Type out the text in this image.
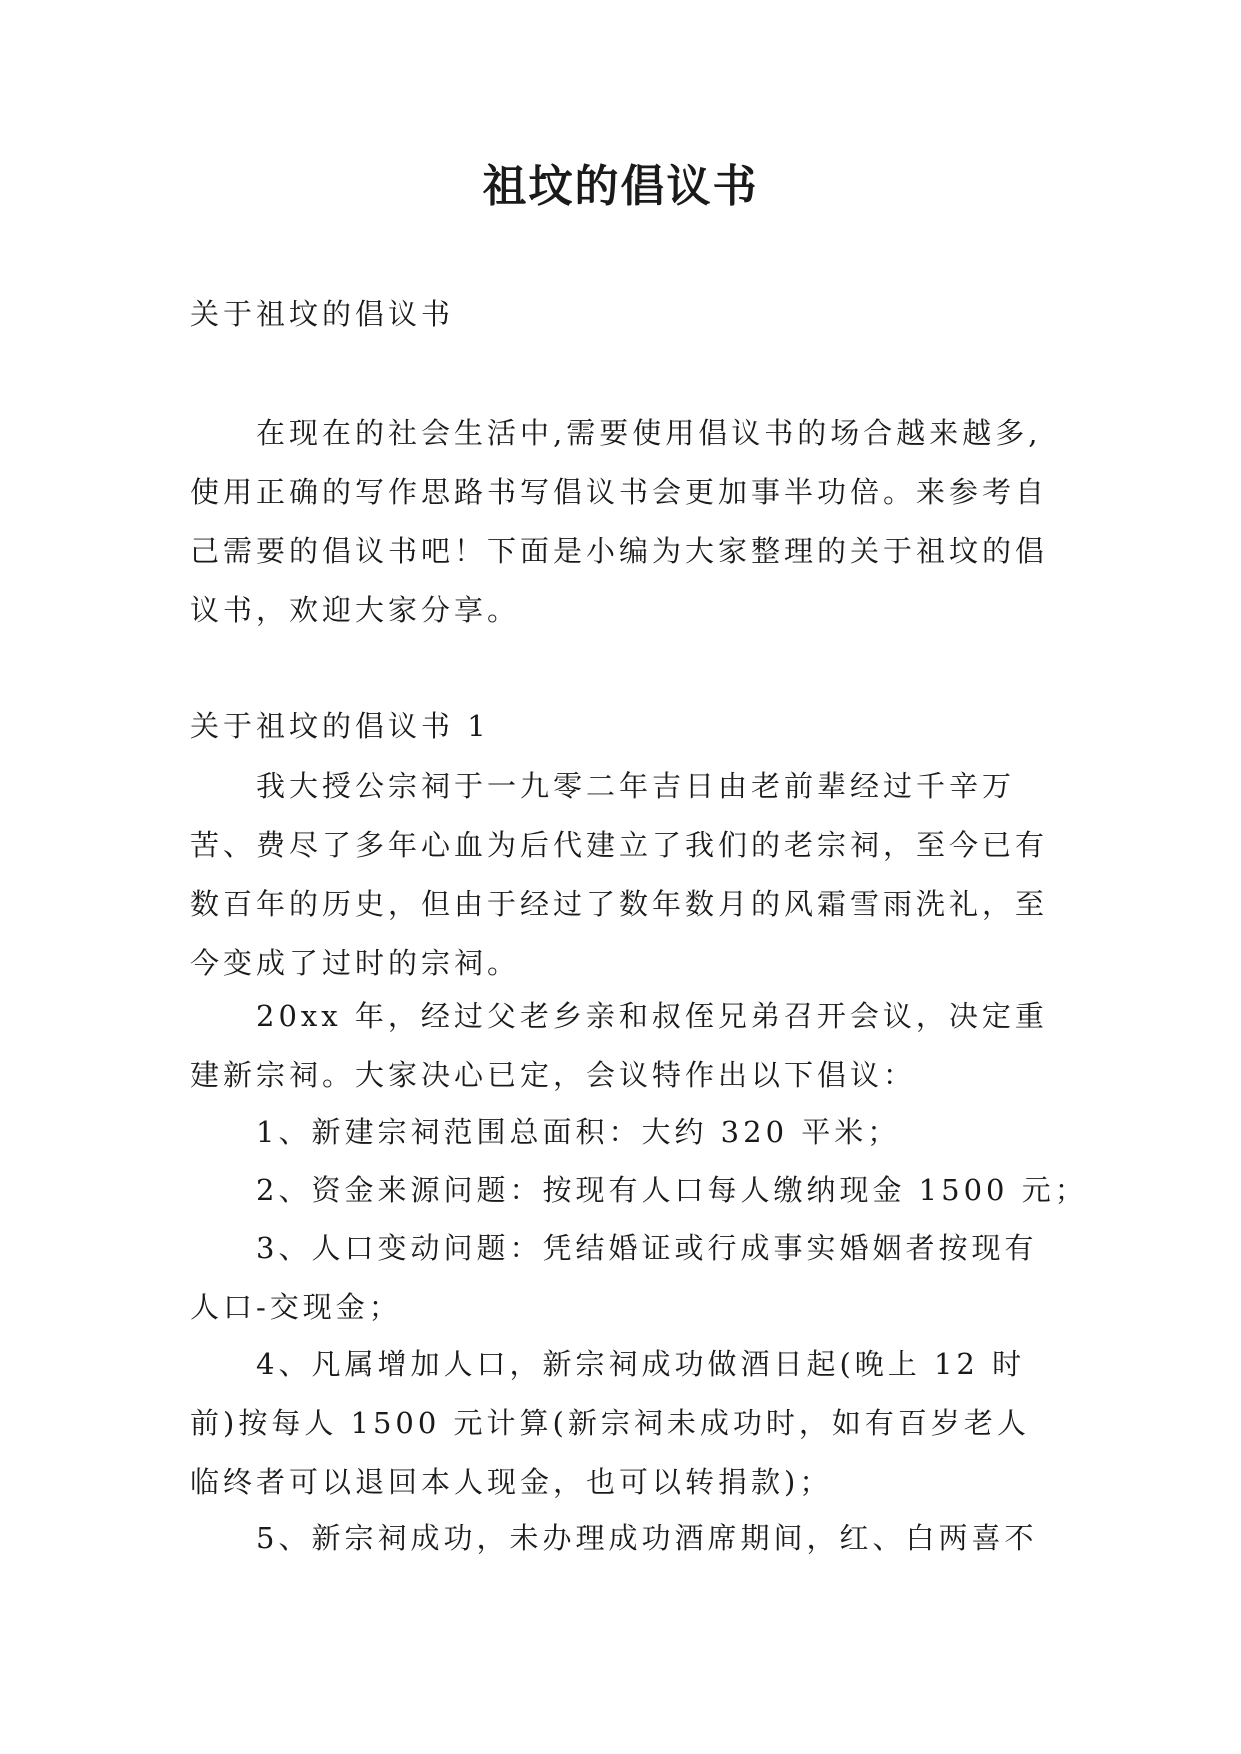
祖坟的倡议书

关于祖坟的倡议书

在现在的社会生活中,需要使用倡议书的场合越来越多,使用正确的写作思路书写倡议书会更加事半功倍。来参考自己需要的倡议书吧！下面是小编为大家整理的关于祖坟的倡议书，欢迎大家分享。

关于祖坟的倡议书 1

我大授公宗祠于一九零二年吉日由老前辈经过千辛万苦、费尽了多年心血为后代建立了我们的老宗祠，至今已有数百年的历史，但由于经过了数年数月的风霜雪雨洗礼，至今变成了过时的宗祠。

20xx 年，经过父老乡亲和叔侄兄弟召开会议，决定重建新宗祠。大家决心已定，会议特作出以下倡议：

1、新建宗祠范围总面积：大约 320 平米；

2、资金来源问题：按现有人口每人缴纳现金 1500 元；

3、人口变动问题：凭结婚证或行成事实婚姻者按现有人口-交现金；

4、凡属增加人口，新宗祠成功做酒日起(晚上 12 时前)按每人 1500 元计算(新宗祠未成功时，如有百岁老人临终者可以退回本人现金，也可以转捐款)；

5、新宗祠成功，未办理成功酒席期间，红、白两喜不
